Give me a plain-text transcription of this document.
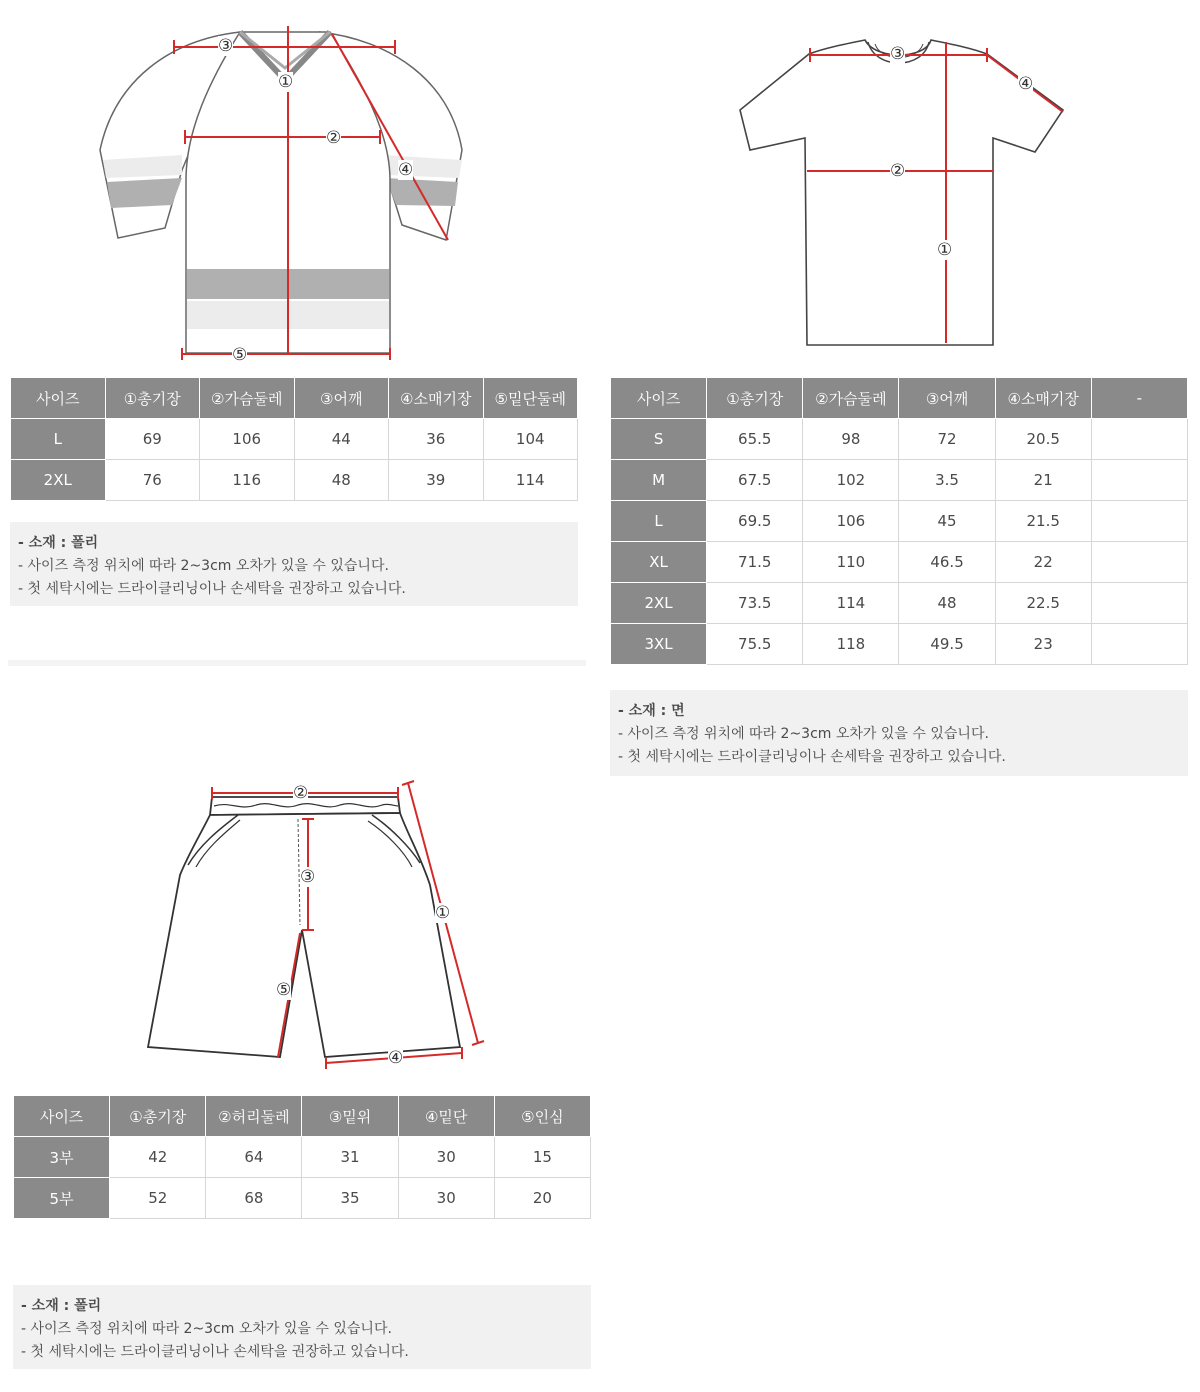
③
①
②
④
⑤
사이즈	①총기장	②가슴둘레	③어깨	④소매기장	⑤밑단둘레
L	69	106	44	36	104
2XL	76	116	48	39	114
- 소재 : 폴리
- 사이즈 측정 위치에 따라 2~3cm 오차가 있을 수 있습니다.
- 첫 세탁시에는 드라이클리닝이나 손세탁을 권장하고 있습니다.
③
④
②
①
사이즈	①총기장	②가슴둘레	③어깨	④소매기장	-
S	65.5	98	72	20.5	
M	67.5	102	3.5	21	
L	69.5	106	45	21.5	
XL	71.5	110	46.5	22	
2XL	73.5	114	48	22.5	
3XL	75.5	118	49.5	23	
- 소재 : 면
- 사이즈 측정 위치에 따라 2~3cm 오차가 있을 수 있습니다.
- 첫 세탁시에는 드라이클리닝이나 손세탁을 권장하고 있습니다.
②
③
①
⑤
④
사이즈	①총기장	②허리둘레	③밑위	④밑단	⑤인심
3부	42	64	31	30	15
5부	52	68	35	30	20
- 소재 : 폴리
- 사이즈 측정 위치에 따라 2~3cm 오차가 있을 수 있습니다.
- 첫 세탁시에는 드라이클리닝이나 손세탁을 권장하고 있습니다.
